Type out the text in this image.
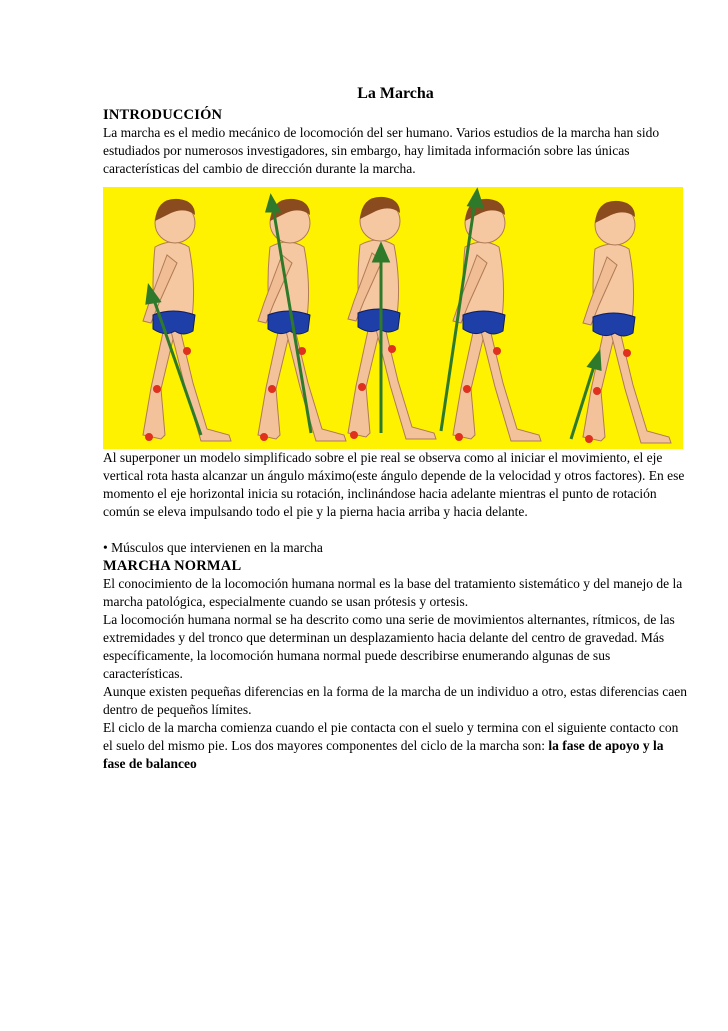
La Marcha
INTRODUCCIÓN

La marcha es el medio mecánico de locomoción del ser humano. Varios estudios de la marcha han sido estudiados por numerosos investigadores, sin embargo, hay limitada información sobre las únicas características del cambio de dirección durante la marcha.

Al superponer un modelo simplificado sobre el pie real se observa como al iniciar el movimiento, el eje vertical rota hasta alcanzar un ángulo máximo(este ángulo depende de la velocidad y otros factores). En ese momento el eje horizontal inicia su rotación, inclinándose hacia adelante mientras el punto de rotación común se eleva impulsando todo el pie y la pierna hacia arriba y hacia delante.

• Músculos que intervienen en la marcha

MARCHA NORMAL

El conocimiento de la locomoción humana normal es la base del tratamiento sistemático y del manejo de la marcha patológica, especialmente cuando se usan prótesis y ortesis.

La locomoción humana normal se ha descrito como una serie de movimientos alternantes, rítmicos, de las extremidades y del tronco que determinan un desplazamiento hacia delante del centro de gravedad. Más específicamente, la locomoción humana normal puede describirse enumerando algunas de sus características.

Aunque existen pequeñas diferencias en la forma de la marcha de un individuo a otro, estas diferencias caen dentro de pequeños límites.

El ciclo de la marcha comienza cuando el pie contacta con el suelo y termina con el siguiente contacto con el suelo del mismo pie. Los dos mayores componentes del ciclo de la marcha son: la fase de apoyo y la fase de balanceo
